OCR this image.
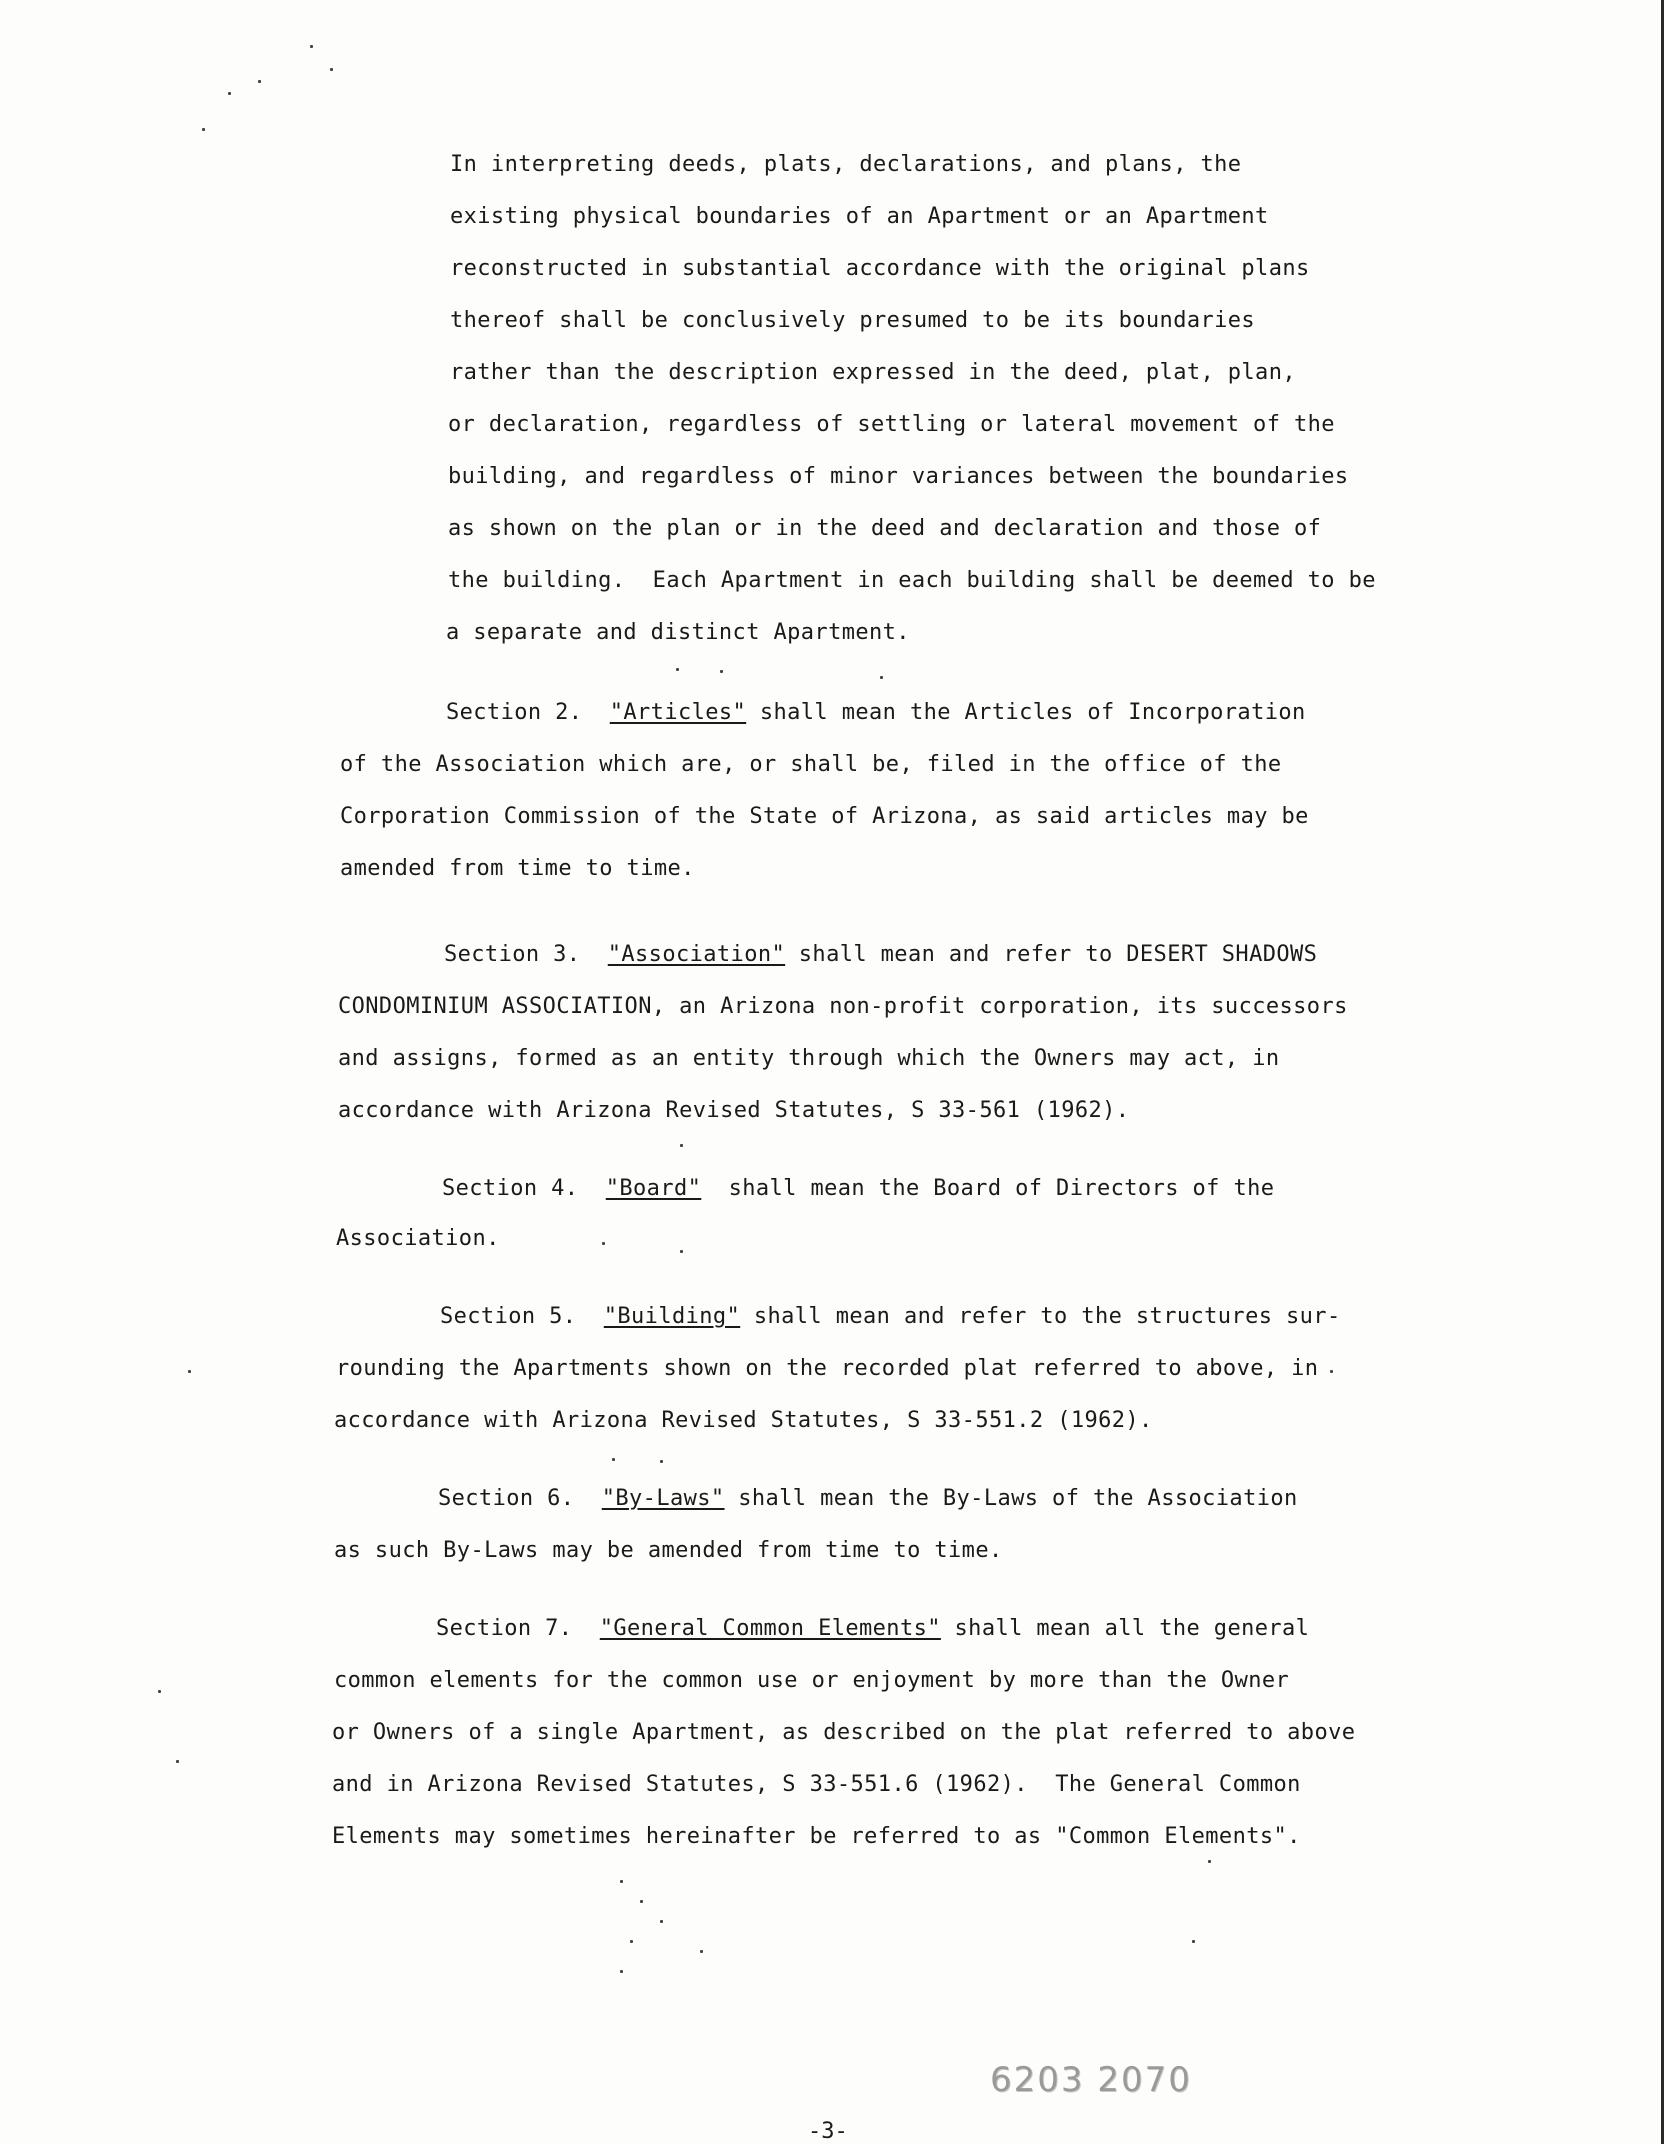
In interpreting deeds, plats, declarations, and plans, the
existing physical boundaries of an Apartment or an Apartment
reconstructed in substantial accordance with the original plans
thereof shall be conclusively presumed to be its boundaries
rather than the description expressed in the deed, plat, plan,
or declaration, regardless of settling or lateral movement of the
building, and regardless of minor variances between the boundaries
as shown on the plan or in the deed and declaration and those of
the building.  Each Apartment in each building shall be deemed to be
a separate and distinct Apartment.
Section 2. "Articles" shall mean the Articles of Incorporation
of the Association which are, or shall be, filed in the office of the
Corporation Commission of the State of Arizona, as said articles may be
amended from time to time.
Section 3. "Association" shall mean and refer to DESERT SHADOWS
CONDOMINIUM ASSOCIATION, an Arizona non-profit corporation, its successors
and assigns, formed as an entity through which the Owners may act, in
accordance with Arizona Revised Statutes, S 33-561 (1962).
Section 4. "Board"  shall mean the Board of Directors of the
Association.
Section 5. "Building" shall mean and refer to the structures sur-
rounding the Apartments shown on the recorded plat referred to above, in
accordance with Arizona Revised Statutes, S 33-551.2 (1962).
Section 6. "By-Laws" shall mean the By-Laws of the Association
as such By-Laws may be amended from time to time.
Section 7. "General Common Elements" shall mean all the general
common elements for the common use or enjoyment by more than the Owner
or Owners of a single Apartment, as described on the plat referred to above
and in Arizona Revised Statutes, S 33-551.6 (1962).  The General Common
Elements may sometimes hereinafter be referred to as "Common Elements".
6203 2070
-3-
